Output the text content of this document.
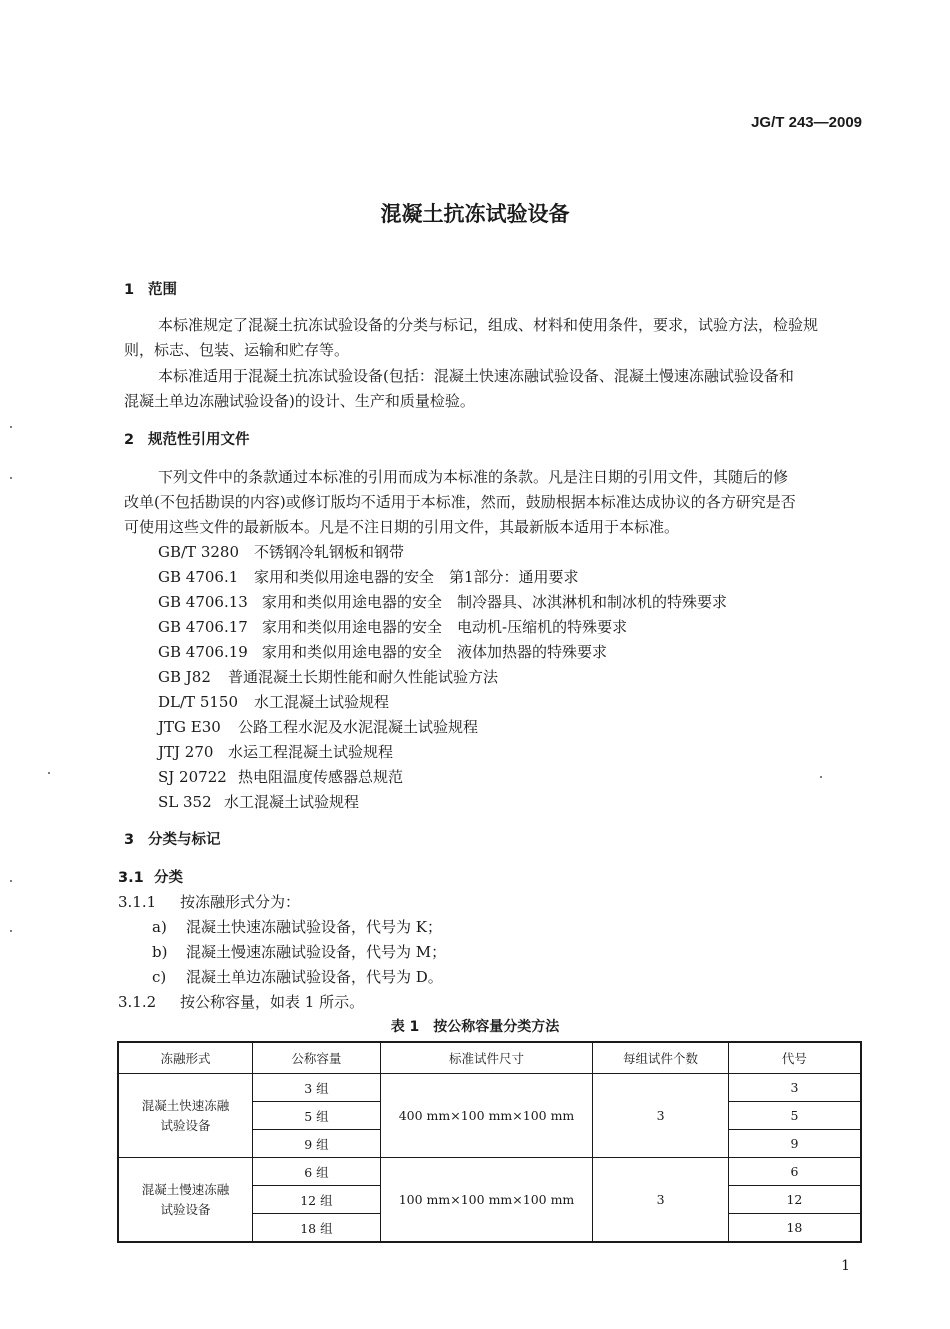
JG/T 243—2009
混凝土抗冻试验设备
1 范围
本标准规定了混凝土抗冻试验设备的分类与标记，组成、材料和使用条件，要求，试验方法，检验规
则，标志、包装、运输和贮存等。
本标准适用于混凝土抗冻试验设备(包括：混凝土快速冻融试验设备、混凝土慢速冻融试验设备和
混凝土单边冻融试验设备)的设计、生产和质量检验。
2 规范性引用文件
下列文件中的条款通过本标准的引用而成为本标准的条款。凡是注日期的引用文件，其随后的修
改单(不包括勘误的内容)或修订版均不适用于本标准，然而，鼓励根据本标准达成协议的各方研究是否
可使用这些文件的最新版本。凡是不注日期的引用文件，其最新版本适用于本标准。
GB/T 3280 不锈钢冷轧钢板和钢带
GB 4706.1 家用和类似用途电器的安全　第1部分：通用要求
GB 4706.13 家用和类似用途电器的安全　制冷器具、冰淇淋机和制冰机的特殊要求
GB 4706.17 家用和类似用途电器的安全　电动机-压缩机的特殊要求
GB 4706.19 家用和类似用途电器的安全　液体加热器的特殊要求
GB J82 普通混凝土长期性能和耐久性能试验方法
DL/T 5150 水工混凝土试验规程
JTG E30 公路工程水泥及水泥混凝土试验规程
JTJ 270 水运工程混凝土试验规程
SJ 20722 热电阻温度传感器总规范
SL 352 水工混凝土试验规程
3 分类与标记
3.1 分类
3.1.1 按冻融形式分为：
a) 混凝土快速冻融试验设备，代号为 K；
b) 混凝土慢速冻融试验设备，代号为 M；
c) 混凝土单边冻融试验设备，代号为 D。
3.1.2 按公称容量，如表 1 所示。
表 1　按公称容量分类方法
冻融形式	公称容量	标准试件尺寸	每组试件个数	代号
混凝土快速冻融
试验设备	3 组	400 mm×100 mm×100 mm	3	3
	5 组			5
	9 组			9
混凝土慢速冻融
试验设备	6 组	100 mm×100 mm×100 mm	3	6
	12 组			12
	18 组			18
1
